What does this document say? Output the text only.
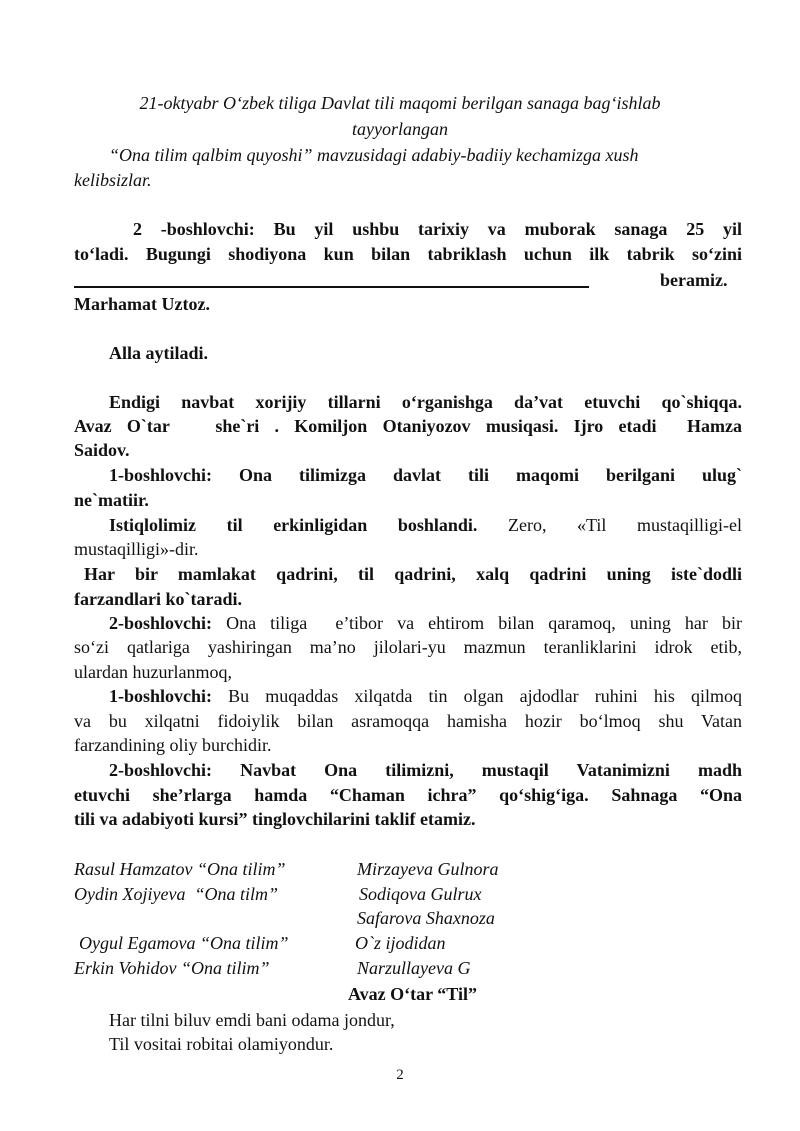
21-oktyabr O‘zbek tiliga Davlat tili maqomi berilgan sanaga bag‘ishlab
tayyorlangan
“Ona tilim qalbim quyoshi” mavzusidagi adabiy-badiiy kechamizga xush
kelibsizlar.
2 -boshlovchi: Bu yil ushbu tarixiy va muborak sanaga 25 yil
to‘ladi. Bugungi shodiyona kun bilan tabriklash uchun ilk tabrik so‘zini
beramiz.
Marhamat Uztoz.
Alla aytiladi.
Endigi navbat xorijiy tillarni o‘rganishga da’vat etuvchi qo`shiqqa.
Avaz O`tar   she`ri . Komiljon Otaniyozov musiqasi. Ijro etadi  Hamza
Saidov.
1-boshlovchi: Ona tilimizga davlat tili maqomi berilgani ulug`
ne`matiir.
Istiqlolimiz til erkinligidan boshlandi. Zero, «Til mustaqilligi-el
mustaqilligi»-dir.
Har bir mamlakat qadrini, til qadrini, xalq qadrini uning iste`dodli
farzandlari ko`taradi.
2-boshlovchi: Ona tiliga  e’tibor va ehtirom bilan qaramoq, uning har bir
so‘zi qatlariga yashiringan ma’no jilolari-yu mazmun teranliklarini idrok etib,
ulardan huzurlanmoq,
1-boshlovchi: Bu muqaddas xilqatda tin olgan ajdodlar ruhini his qilmoq
va bu xilqatni fidoiylik bilan asramoqqa hamisha hozir bo‘lmoq shu Vatan
farzandining oliy burchidir.
2-boshlovchi: Navbat Ona tilimizni, mustaqil Vatanimizni madh
etuvchi she’rlarga hamda “Chaman ichra” qo‘shig‘iga. Sahnaga “Ona
tili va adabiyoti kursi” tinglovchilarini taklif etamiz.
Rasul Hamzatov “Ona tilim”	Mirzayeva Gulnora
Oydin Xojiyeva  “Ona tilm”	Sodiqova Gulrux
Safarova Shaxnoza
Oygul Egamova “Ona tilim”	O`z ijodidan
Erkin Vohidov “Ona tilim”	Narzullayeva G
Avaz O‘tar “Til”
Har tilni biluv emdi bani odama jondur,
Til vositai robitai olamiyondur.
2
